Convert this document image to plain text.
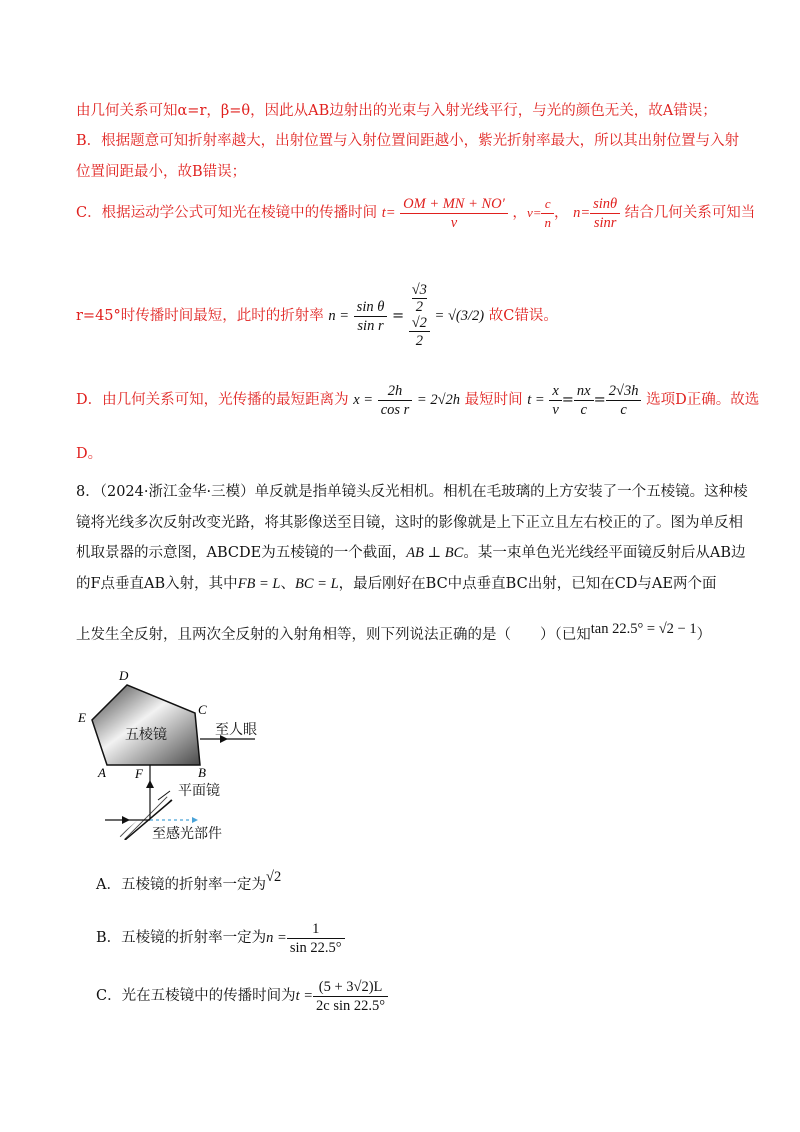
由几何关系可知α=r，β=θ，因此从AB边射出的光束与入射光线平行，与光的颜色无关，故A错误；
B．根据题意可知折射率越大，出射位置与入射位置间距越小，紫光折射率最大，所以其出射位置与入射
位置间距最小，故B错误；
C．根据运动学公式可知光在棱镜中的传播时间 $t= \frac{OM + MN + NO'}{v}$ ，$v= \frac{c}{n}$ ， $n= \frac{\sin\theta}{\sin r}$ 结合几何关系可知当
r=45°时传播时间最短，此时的折射率 $n = \frac{\text{sin θ}}{\text{sin r}} = √3$
2
√2
2 = √(3/2) 故C错误。
D．由几何关系可知，光传播的最短距离为 $x = \frac{2h}{\text{cos r}} = 2√2h$ 最短时间 $t = \frac{x}{v} = \frac{nx}{c} = \frac{2√3h}{c}$ 选项D正确。故选
D。
8．（2024·浙江金华·三模）单反就是指单镜头反光相机。相机在毛玻璃的上方安装了一个五棱镜。这种棱
镜将光线多次反射改变光路，将其影像送至目镜，这时的影像就是上下正立且左右校正的了。图为单反相
机取景器的示意图，ABCDE为五棱镜的一个截面，AB ⊥ BC。某一束单色光光线经平面镜反射后从AB边
的F点垂直AB入射，其中FB = L、BC = L，最后刚好在BC中点垂直BC出射，已知在CD与AE两个面
上发生全反射，且两次全反射的入射角相等，则下列说法正确的是（　　）（已知tan 22.5° = √2 − 1）
五棱镜
D
C
E
A	B
F
至人眼
平面镜
至感光部件
A．五棱镜的折射率一定为√2
B．五棱镜的折射率一定为$n = \frac{1}{\sin 22.5^\circ}$
C．光在五棱镜中的传播时间为$t = \frac{(5 + 3√2)L}{\text{2c sin 22.5°}}$
